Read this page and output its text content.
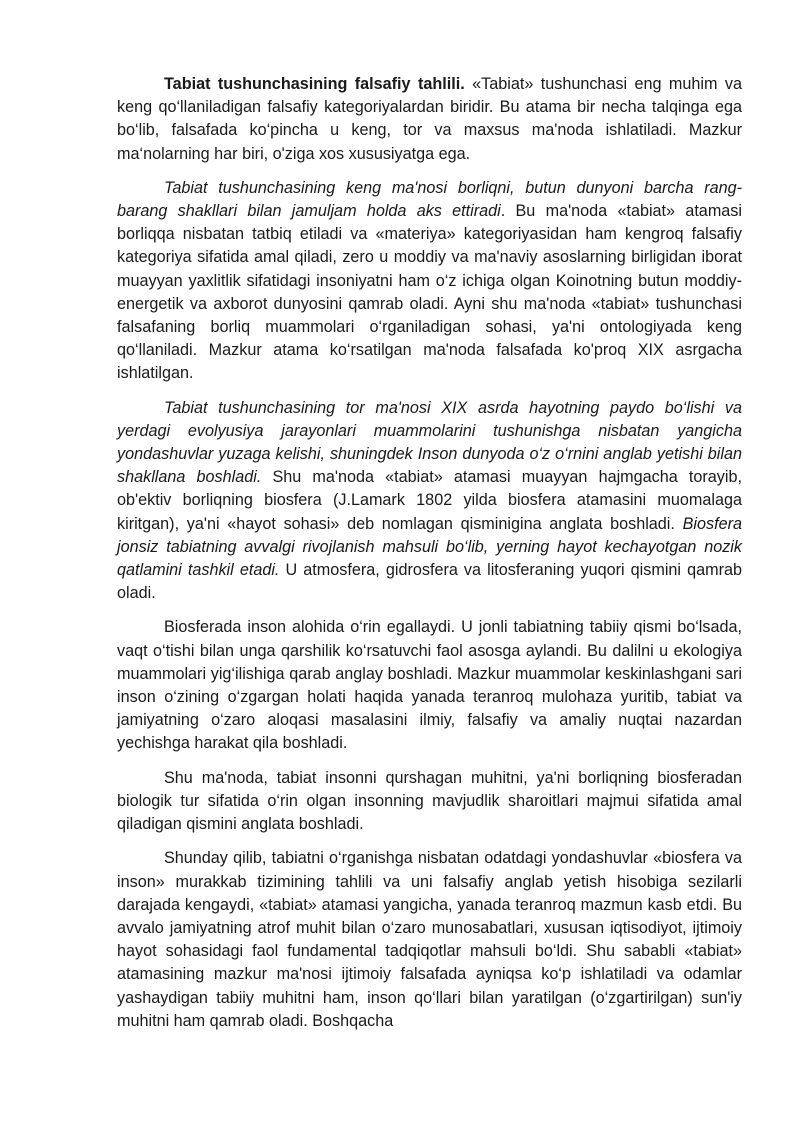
Tabiat tushunchasining falsafiy tahlili. «Tabiat» tushunchasi eng muhim va keng qo‘llaniladigan falsafiy kategoriyalardan biridir. Bu atama bir necha talqinga ega bo‘lib, falsafada ko‘pincha u keng, tor va maxsus ma'noda ishlatiladi. Mazkur ma‘nolarning har biri, o'ziga xos xususiyatga ega.

Tabiat tushunchasining keng ma'nosi borliqni, butun dunyoni barcha rang-barang shakllari bilan jamuljam holda aks ettiradi. Bu ma'noda «tabiat» atamasi borliqqa nisbatan tatbiq etiladi va «materiya» kategoriyasidan ham kengroq falsafiy kategoriya sifatida amal qiladi, zero u moddiy va ma'naviy asoslarning birligidan iborat muayyan yaxlitlik sifatidagi insoniyatni ham o‘z ichiga olgan Koinotning butun moddiy-energetik va axborot dunyosini qamrab oladi. Ayni shu ma'noda «tabiat» tushunchasi falsafaning borliq muammolari o‘rganiladigan sohasi, ya'ni ontologiyada keng qo‘llaniladi. Mazkur atama ko‘rsatilgan ma'noda falsafada ko'proq XIX asrgacha ishlatilgan.

Tabiat tushunchasining tor ma'nosi XIX asrda hayotning paydo bo‘lishi va yerdagi evolyusiya jarayonlari muammolarini tushunishga nisbatan yangicha yondashuvlar yuzaga kelishi, shuningdek Inson dunyoda o‘z o‘rnini anglab yetishi bilan shakllana boshladi. Shu ma'noda «tabiat» atamasi muayyan hajmgacha torayib, ob'ektiv borliqning biosfera (J.Lamark 1802 yilda biosfera atamasini muomalaga kiritgan), ya'ni «hayot sohasi» deb nomlagan qisminigina anglata boshladi. Biosfera jonsiz tabiatning avvalgi rivojlanish mahsuli bo‘lib, yerning hayot kechayotgan nozik qatlamini tashkil etadi. U atmosfera, gidrosfera va litosferaning yuqori qismini qamrab oladi.

Biosferada inson alohida o‘rin egallaydi. U jonli tabiatning tabiiy qismi bo‘lsada, vaqt o‘tishi bilan unga qarshilik ko‘rsatuvchi faol asosga aylandi. Bu dalilni u ekologiya muammolari yig‘ilishiga qarab anglay boshladi. Mazkur muammolar keskinlashgani sari inson o‘zining o‘zgargan holati haqida yanada teranroq mulohaza yuritib, tabiat va jamiyatning o‘zaro aloqasi masalasini ilmiy, falsafiy va amaliy nuqtai nazardan yechishga harakat qila boshladi.

Shu ma'noda, tabiat insonni qurshagan muhitni, ya'ni borliqning biosferadan biologik tur sifatida o‘rin olgan insonning mavjudlik sharoitlari majmui sifatida amal qiladigan qismini anglata boshladi.

Shunday qilib, tabiatni o‘rganishga nisbatan odatdagi yondashuvlar «biosfera va inson» murakkab tizimining tahlili va uni falsafiy anglab yetish hisobiga sezilarli darajada kengaydi, «tabiat» atamasi yangicha, yanada teranroq mazmun kasb etdi. Bu avvalo jamiyatning atrof muhit bilan o‘zaro munosabatlari, xususan iqtisodiyot, ijtimoiy hayot sohasidagi faol fundamental tadqiqotlar mahsuli bo‘ldi. Shu sababli «tabiat» atamasining mazkur ma'nosi ijtimoiy falsafada ayniqsa ko‘p ishlatiladi va odamlar yashaydigan tabiiy muhitni ham, inson qo‘llari bilan yaratilgan (o‘zgartirilgan) sun'iy muhitni ham qamrab oladi. Boshqacha
